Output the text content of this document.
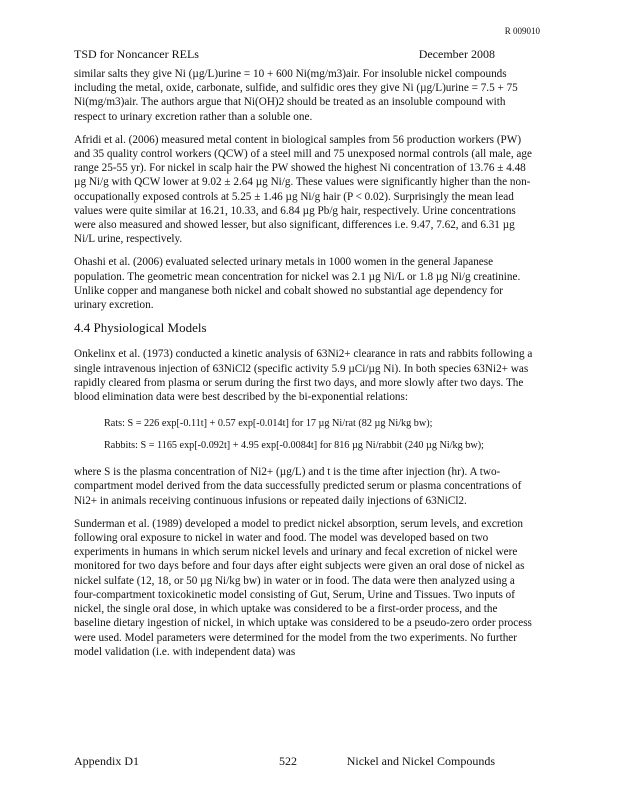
R 009010
TSD for Noncancer RELs	December 2008

similar salts they give Ni (µg/L)urine = 10 + 600 Ni(mg/m3)air. For insoluble nickel compounds including the metal, oxide, carbonate, sulfide, and sulfidic ores they give Ni (µg/L)urine = 7.5 + 75 Ni(mg/m3)air. The authors argue that Ni(OH)2 should be treated as an insoluble compound with respect to urinary excretion rather than a soluble one.

Afridi et al. (2006) measured metal content in biological samples from 56 production workers (PW) and 35 quality control workers (QCW) of a steel mill and 75 unexposed normal controls (all male, age range 25-55 yr). For nickel in scalp hair the PW showed the highest Ni concentration of 13.76 ± 4.48 µg Ni/g with QCW lower at 9.02 ± 2.64 µg Ni/g. These values were significantly higher than the non-occupationally exposed controls at 5.25 ± 1.46 µg Ni/g hair (P < 0.02). Surprisingly the mean lead values were quite similar at 16.21, 10.33, and 6.84 µg Pb/g hair, respectively. Urine concentrations were also measured and showed lesser, but also significant, differences i.e. 9.47, 7.62, and 6.31 µg Ni/L urine, respectively.

Ohashi et al. (2006) evaluated selected urinary metals in 1000 women in the general Japanese population. The geometric mean concentration for nickel was 2.1 µg Ni/L or 1.8 µg Ni/g creatinine. Unlike copper and manganese both nickel and cobalt showed no substantial age dependency for urinary excretion.

4.4 Physiological Models

Onkelinx et al. (1973) conducted a kinetic analysis of 63Ni2+ clearance in rats and rabbits following a single intravenous injection of 63NiCl2 (specific activity 5.9 µCi/µg Ni). In both species 63Ni2+ was rapidly cleared from plasma or serum during the first two days, and more slowly after two days. The blood elimination data were best described by the bi-exponential relations:

Rats: S = 226 exp[-0.11t] + 0.57 exp[-0.014t] for 17 µg Ni/rat (82 µg Ni/kg bw);
Rabbits: S = 1165 exp[-0.092t] + 4.95 exp[-0.0084t] for 816 µg Ni/rabbit (240 µg Ni/kg bw);

where S is the plasma concentration of Ni2+ (µg/L) and t is the time after injection (hr). A two-compartment model derived from the data successfully predicted serum or plasma concentrations of Ni2+ in animals receiving continuous infusions or repeated daily injections of 63NiCl2.

Sunderman et al. (1989) developed a model to predict nickel absorption, serum levels, and excretion following oral exposure to nickel in water and food. The model was developed based on two experiments in humans in which serum nickel levels and urinary and fecal excretion of nickel were monitored for two days before and four days after eight subjects were given an oral dose of nickel as nickel sulfate (12, 18, or 50 µg Ni/kg bw) in water or in food. The data were then analyzed using a four-compartment toxicokinetic model consisting of Gut, Serum, Urine and Tissues. Two inputs of nickel, the single oral dose, in which uptake was considered to be a first-order process, and the baseline dietary ingestion of nickel, in which uptake was considered to be a pseudo-zero order process were used. Model parameters were determined for the model from the two experiments. No further model validation (i.e. with independent data) was

Appendix D1	522	Nickel and Nickel Compounds
